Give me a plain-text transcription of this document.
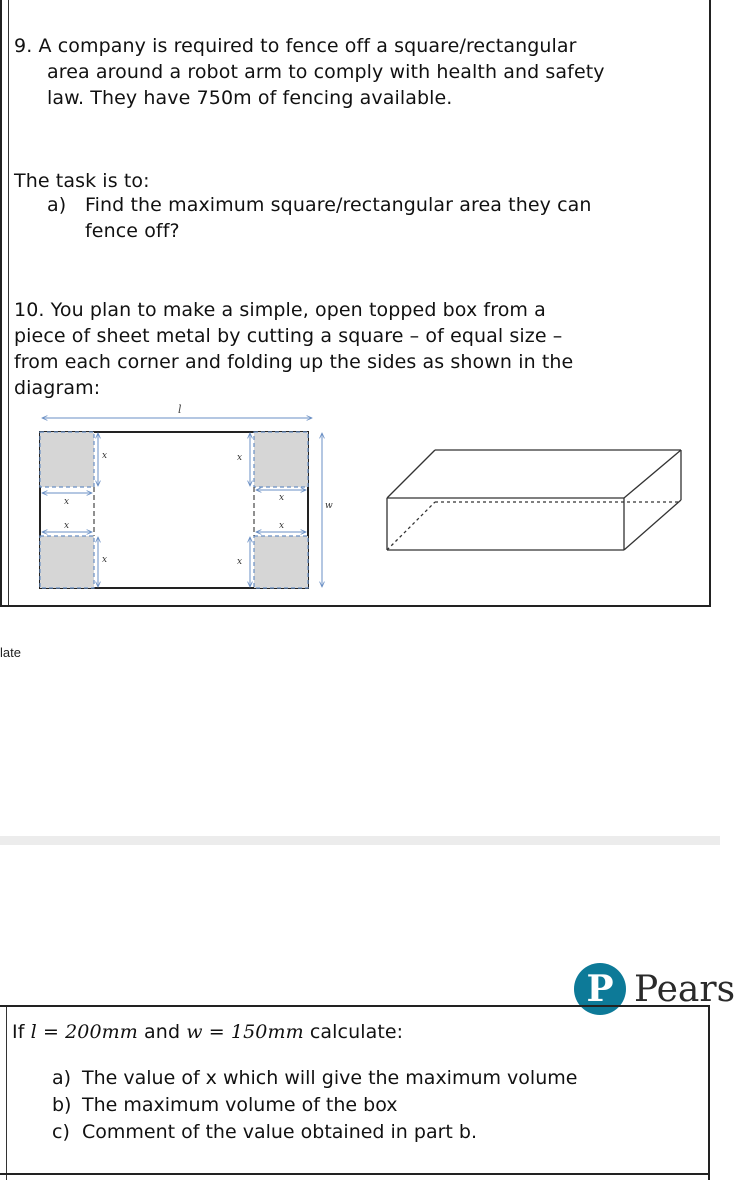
9. A company is required to fence off a square/rectangular
area around a robot arm to comply with health and safety
law. They have 750m of fencing available.
The task is to:
a) Find the maximum square/rectangular area they can
fence off?
10. You plan to make a simple, open topped box from a
piece of sheet metal by cutting a square – of equal size –
from each corner and folding up the sides as shown in the
diagram:
l
x
x
x
x
x
x
x
x
w
late
P Pears
If l = 200mm and w = 150mm calculate:
a) The value of x which will give the maximum volume
b) The maximum volume of the box
c) Comment of the value obtained in part b.
